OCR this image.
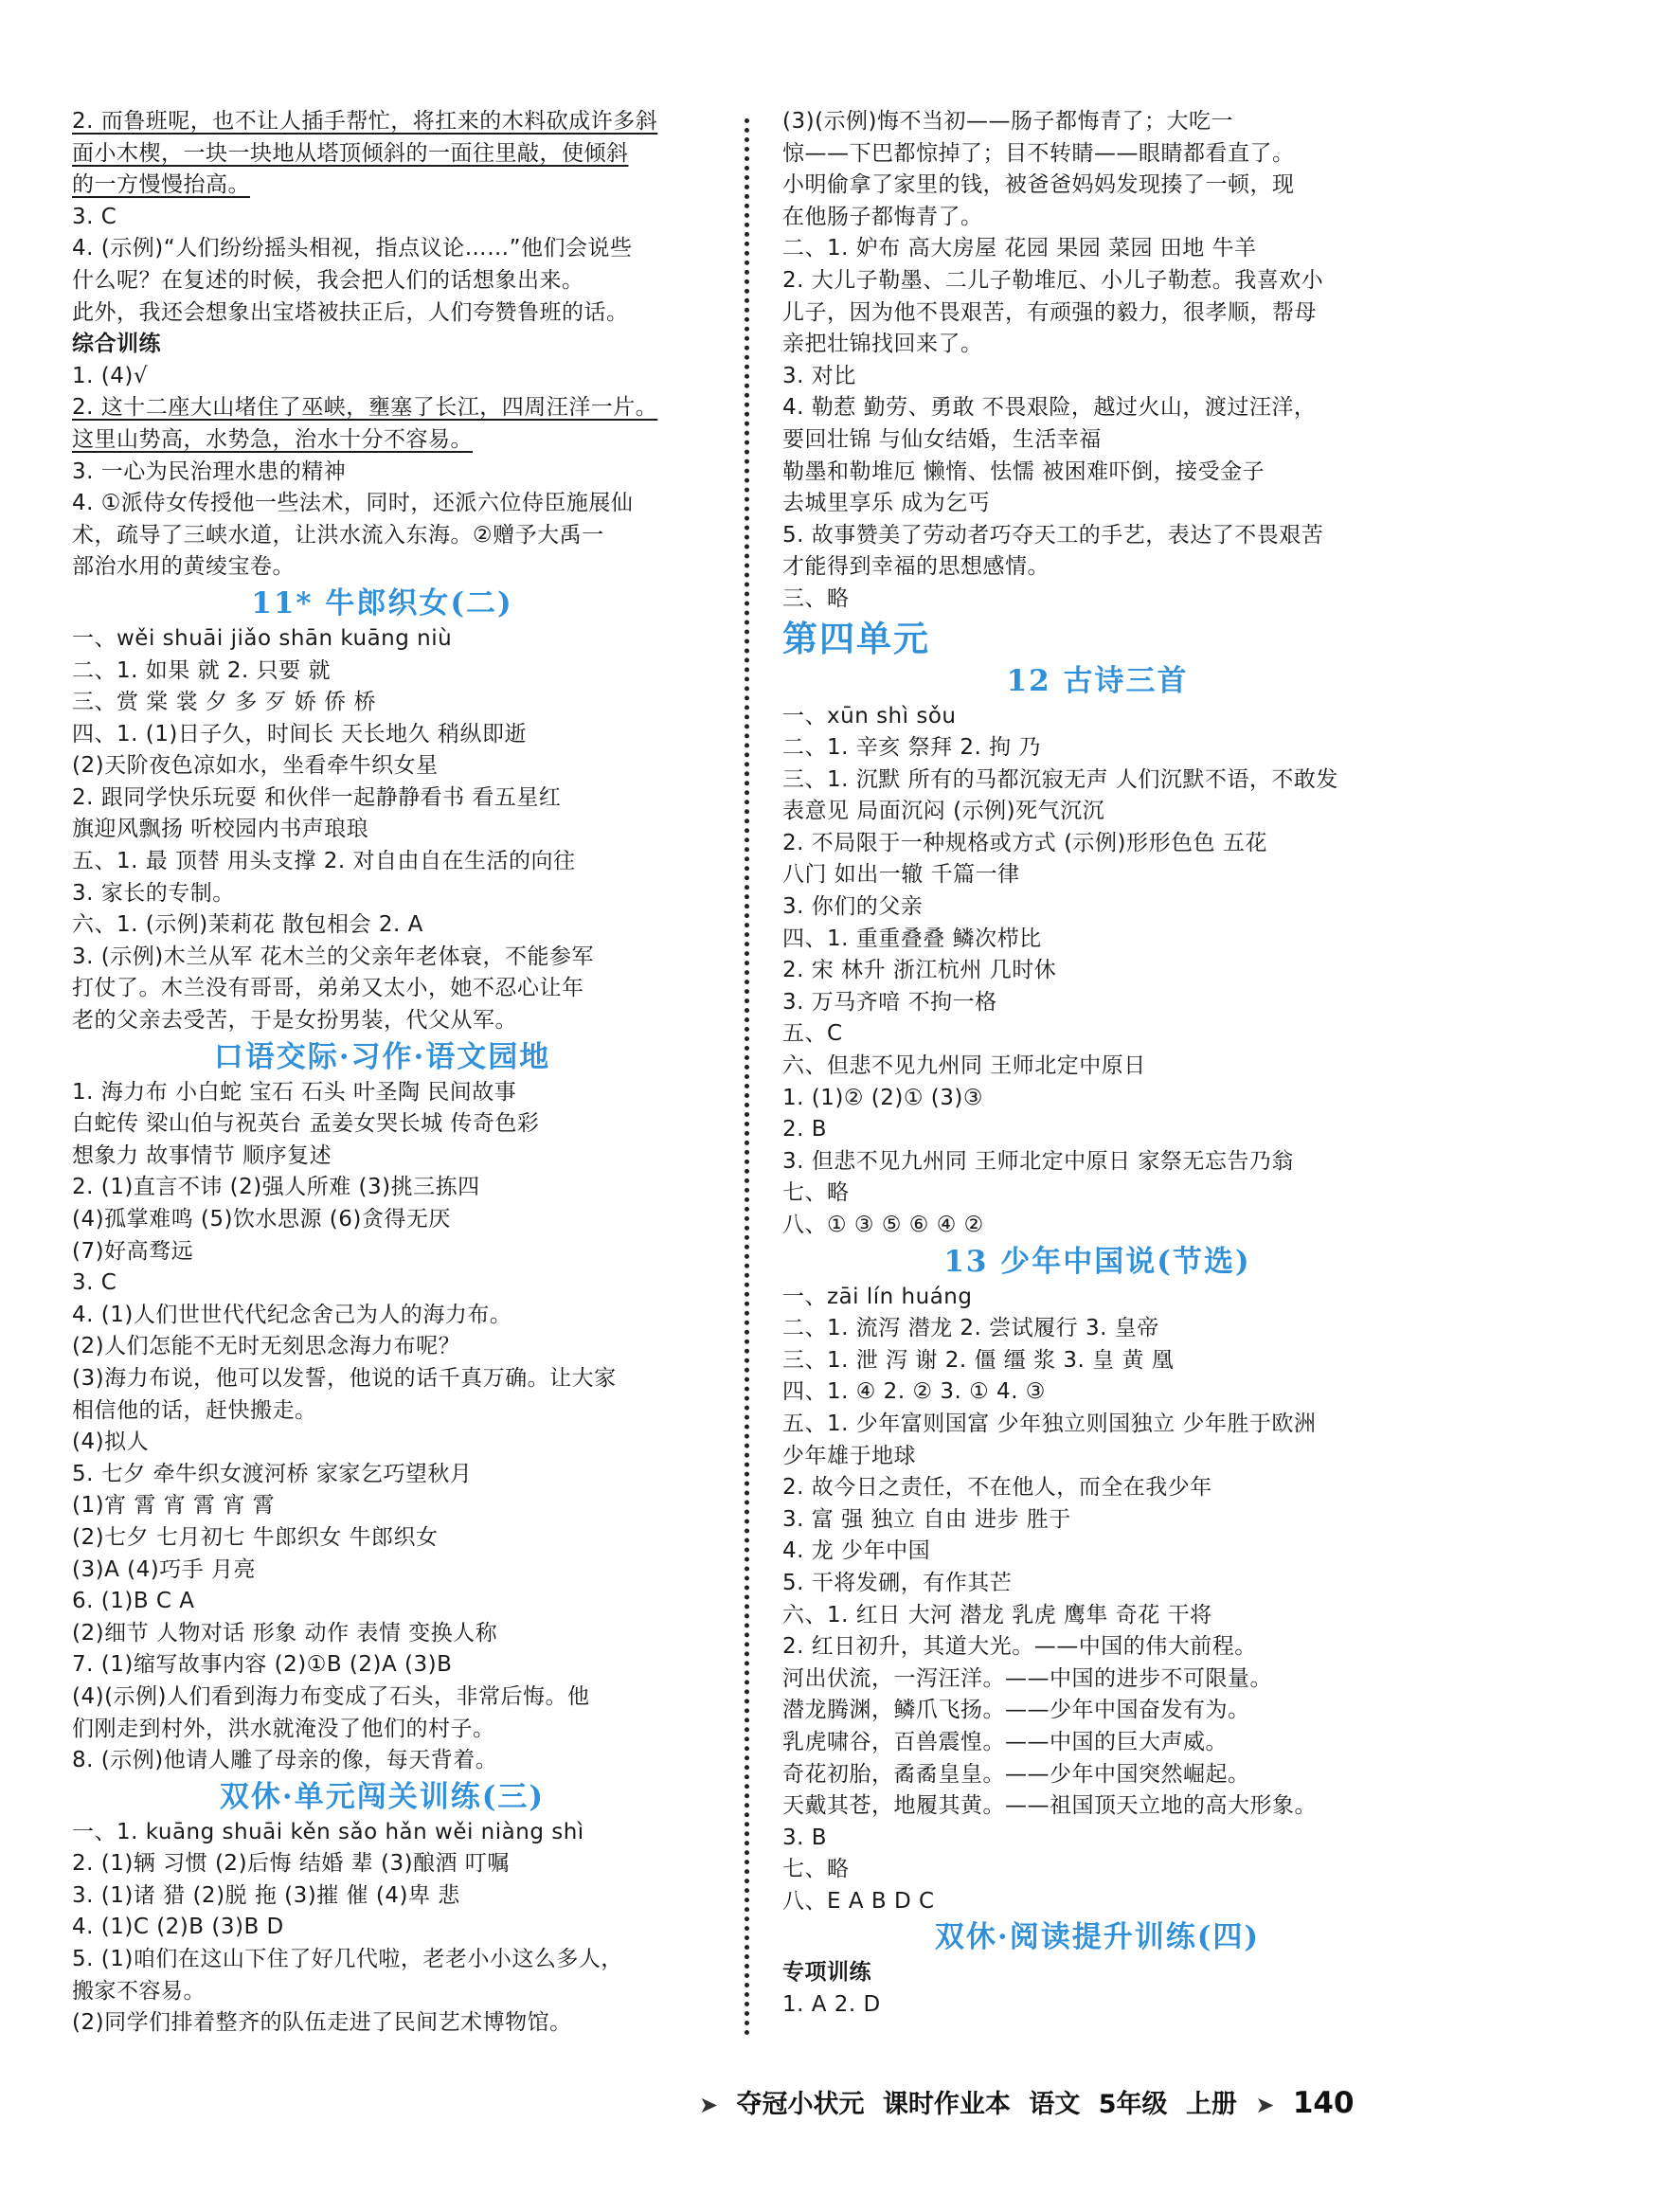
2. 而鲁班呢，也不让人插手帮忙，将扛来的木料砍成许多斜
面小木楔，一块一块地从塔顶倾斜的一面往里敲，使倾斜
的一方慢慢抬高。
3. C
4. (示例)“人们纷纷摇头相视，指点议论……”他们会说些
什么呢？在复述的时候，我会把人们的话想象出来。
此外，我还会想象出宝塔被扶正后，人们夸赞鲁班的话。
综合训练
1. (4)√
2. 这十二座大山堵住了巫峡，壅塞了长江，四周汪洋一片。
这里山势高，水势急，治水十分不容易。
3. 一心为民治理水患的精神
4. ①派侍女传授他一些法术，同时，还派六位侍臣施展仙
术，疏导了三峡水道，让洪水流入东海。②赠予大禹一
部治水用的黄绫宝卷。
11* 牛郎织女(二)
一、wěi shuāi jiǎo shān kuāng niù
二、1. 如果 就 2. 只要 就
三、赏 棠 裳 夕 多 歹 娇 侨 桥
四、1. (1)日子久，时间长 天长地久 稍纵即逝
(2)天阶夜色凉如水，坐看牵牛织女星
2. 跟同学快乐玩耍 和伙伴一起静静看书 看五星红
旗迎风飘扬 听校园内书声琅琅
五、1. 最 顶替 用头支撑 2. 对自由自在生活的向往
3. 家长的专制。
六、1. (示例)茉莉花 散包相会 2. A
3. (示例)木兰从军 花木兰的父亲年老体衰，不能参军
打仗了。木兰没有哥哥，弟弟又太小，她不忍心让年
老的父亲去受苦，于是女扮男装，代父从军。
口语交际·习作·语文园地
1. 海力布 小白蛇 宝石 石头 叶圣陶 民间故事
白蛇传 梁山伯与祝英台 孟姜女哭长城 传奇色彩
想象力 故事情节 顺序复述
2. (1)直言不讳 (2)强人所难 (3)挑三拣四
(4)孤掌难鸣 (5)饮水思源 (6)贪得无厌
(7)好高骛远
3. C
4. (1)人们世世代代纪念舍己为人的海力布。
(2)人们怎能不无时无刻思念海力布呢？
(3)海力布说，他可以发誓，他说的话千真万确。让大家
相信他的话，赶快搬走。
(4)拟人
5. 七夕 牵牛织女渡河桥 家家乞巧望秋月
(1)宵 霄 宵 霄 宵 霄
(2)七夕 七月初七 牛郎织女 牛郎织女
(3)A (4)巧手 月亮
6. (1)B C A
(2)细节 人物对话 形象 动作 表情 变换人称
7. (1)缩写故事内容 (2)①B (2)A (3)B
(4)(示例)人们看到海力布变成了石头，非常后悔。他
们刚走到村外，洪水就淹没了他们的村子。
8. (示例)他请人雕了母亲的像，每天背着。
双休·单元闯关训练(三)
一、1. kuāng shuāi kěn sǎo hǎn wěi niàng shì
2. (1)辆 习惯 (2)后悔 结婚 辈 (3)酿酒 叮嘱
3. (1)诸 猎 (2)脱 拖 (3)摧 催 (4)卑 悲
4. (1)C (2)B (3)B D
5. (1)咱们在这山下住了好几代啦，老老小小这么多人，
搬家不容易。
(2)同学们排着整齐的队伍走进了民间艺术博物馆。
(3)(示例)悔不当初——肠子都悔青了；大吃一
惊——下巴都惊掉了；目不转睛——眼睛都看直了。
小明偷拿了家里的钱，被爸爸妈妈发现揍了一顿，现
在他肠子都悔青了。
二、1. 妒布 高大房屋 花园 果园 菜园 田地 牛羊
2. 大儿子勒墨、二儿子勒堆厄、小儿子勒惹。我喜欢小
儿子，因为他不畏艰苦，有顽强的毅力，很孝顺，帮母
亲把壮锦找回来了。
3. 对比
4. 勒惹 勤劳、勇敢 不畏艰险，越过火山，渡过汪洋，
要回壮锦 与仙女结婚，生活幸福
勒墨和勒堆厄 懒惰、怯懦 被困难吓倒，接受金子
去城里享乐 成为乞丐
5. 故事赞美了劳动者巧夺天工的手艺，表达了不畏艰苦
才能得到幸福的思想感情。
三、略
第四单元
12 古诗三首
一、xūn shì sǒu
二、1. 辛亥 祭拜 2. 拘 乃
三、1. 沉默 所有的马都沉寂无声 人们沉默不语，不敢发
表意见 局面沉闷 (示例)死气沉沉
2. 不局限于一种规格或方式 (示例)形形色色 五花
八门 如出一辙 千篇一律
3. 你们的父亲
四、1. 重重叠叠 鳞次栉比
2. 宋 林升 浙江杭州 几时休
3. 万马齐喑 不拘一格
五、C
六、但悲不见九州同 王师北定中原日
1. (1)② (2)① (3)③
2. B
3. 但悲不见九州同 王师北定中原日 家祭无忘告乃翁
七、略
八、① ③ ⑤ ⑥ ④ ②
13 少年中国说(节选)
一、zāi lín huáng
二、1. 流泻 潜龙 2. 尝试履行 3. 皇帝
三、1. 泄 泻 谢 2. 僵 缰 浆 3. 皇 黄 凰
四、1. ④ 2. ② 3. ① 4. ③
五、1. 少年富则国富 少年独立则国独立 少年胜于欧洲
少年雄于地球
2. 故今日之责任，不在他人，而全在我少年
3. 富 强 独立 自由 进步 胜于
4. 龙 少年中国
5. 干将发硎，有作其芒
六、1. 红日 大河 潜龙 乳虎 鹰隼 奇花 干将
2. 红日初升，其道大光。——中国的伟大前程。
河出伏流，一泻汪洋。——中国的进步不可限量。
潜龙腾渊，鳞爪飞扬。——少年中国奋发有为。
乳虎啸谷，百兽震惶。——中国的巨大声威。
奇花初胎，矞矞皇皇。——少年中国突然崛起。
天戴其苍，地履其黄。——祖国顶天立地的高大形象。
3. B
七、略
八、E A B D C
双休·阅读提升训练(四)
专项训练
1. A 2. D
➤ 夺冠小状元 课时作业本 语文 5年级 上册 ➤ 140
